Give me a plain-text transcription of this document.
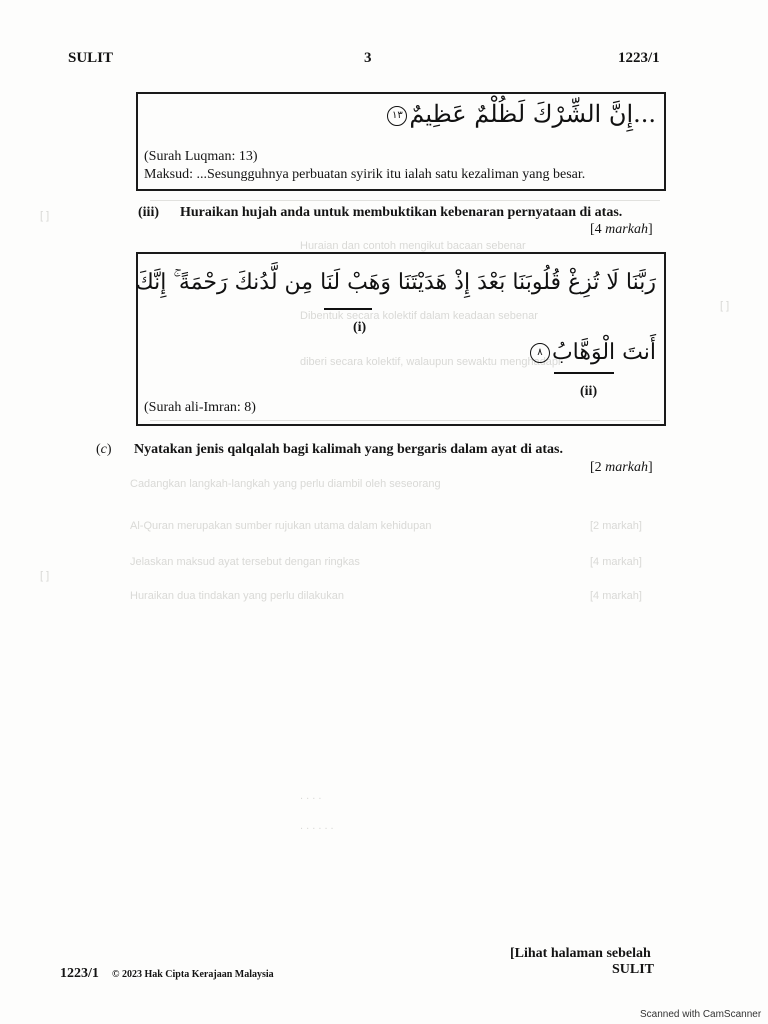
Huraian dan contoh mengikut bacaan sebenar
Dibentuk secara kolektif dalam keadaan sebenar
diberi secara kolektif, walaupun sewaktu menghadapi
Cadangkan langkah-langkah yang perlu diambil oleh seseorang
Al-Quran merupakan sumber rujukan utama dalam kehidupan
Jelaskan maksud ayat tersebut dengan ringkas
Huraikan dua tindakan yang perlu dilakukan
[2 markah]
[4 markah]
[4 markah]
[ ]
[ ]
[ ]
. . . .
. . . . . .
SULIT	3	1223/1
...إِنَّ الشِّرْكَ لَظُلْمٌ عَظِيمٌ١٣
(Surah Luqman: 13)
Maksud: ...Sesungguhnya perbuatan syirik itu ialah satu kezaliman yang besar.
(iii) Huraikan hujah anda untuk membuktikan kebenaran pernyataan di atas.
[4 markah]
رَبَّنَا لَا تُزِغْ قُلُوبَنَا بَعْدَ إِذْ هَدَيْتَنَا وَهَبْ لَنَا مِن لَّدُنكَ رَحْمَةً ۚ إِنَّكَ
(i)
أَنتَ الْوَهَّابُ٨
(ii)
(Surah ali-Imran: 8)
(c) Nyatakan jenis qalqalah bagi kalimah yang bergaris dalam ayat di atas.
[2 markah]
[Lihat halaman sebelah
SULIT
1223/1 © 2023 Hak Cipta Kerajaan Malaysia
Scanned with CamScanner
